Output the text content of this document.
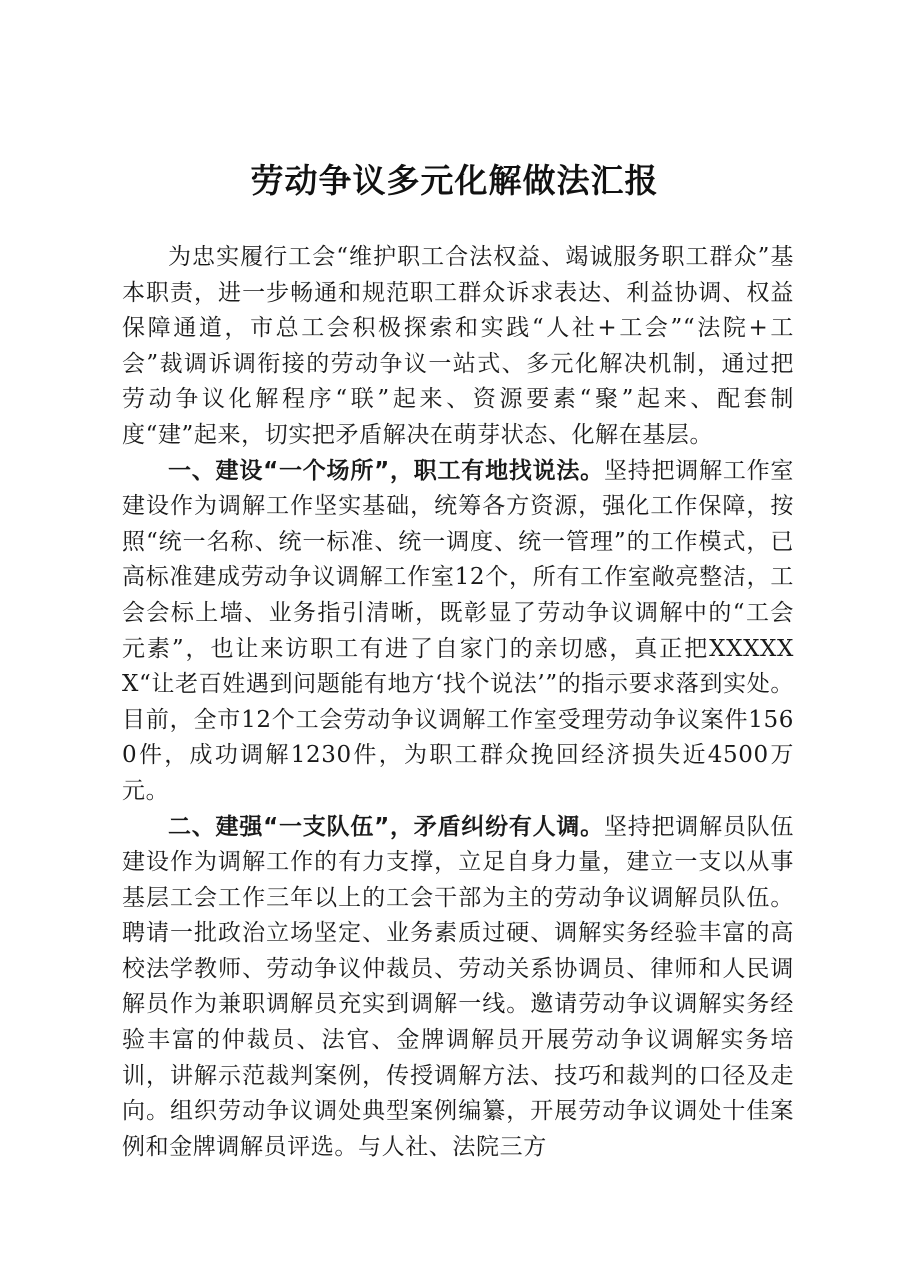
劳动争议多元化解做法汇报

为忠实履行工会“维护职工合法权益、竭诚服务职工群众”基本职责，进一步畅通和规范职工群众诉求表达、利益协调、权益保障通道，市总工会积极探索和实践“人社+工会”“法院+工会”裁调诉调衔接的劳动争议一站式、多元化解决机制，通过把劳动争议化解程序“联”起来、资源要素“聚”起来、配套制度“建”起来，切实把矛盾解决在萌芽状态、化解在基层。

一、建设“一个场所”，职工有地找说法。坚持把调解工作室建设作为调解工作坚实基础，统筹各方资源，强化工作保障，按照“统一名称、统一标准、统一调度、统一管理”的工作模式，已高标准建成劳动争议调解工作室12个，所有工作室敞亮整洁，工会会标上墙、业务指引清晰，既彰显了劳动争议调解中的“工会元素”，也让来访职工有进了自家门的亲切感，真正把XXXXXX“让老百姓遇到问题能有地方‘找个说法’”的指示要求落到实处。目前，全市12个工会劳动争议调解工作室受理劳动争议案件1560件，成功调解1230件，为职工群众挽回经济损失近4500万元。

二、建强“一支队伍”，矛盾纠纷有人调。坚持把调解员队伍建设作为调解工作的有力支撑，立足自身力量，建立一支以从事基层工会工作三年以上的工会干部为主的劳动争议调解员队伍。聘请一批政治立场坚定、业务素质过硬、调解实务经验丰富的高校法学教师、劳动争议仲裁员、劳动关系协调员、律师和人民调解员作为兼职调解员充实到调解一线。邀请劳动争议调解实务经验丰富的仲裁员、法官、金牌调解员开展劳动争议调解实务培训，讲解示范裁判案例，传授调解方法、技巧和裁判的口径及走向。组织劳动争议调处典型案例编纂，开展劳动争议调处十佳案例和金牌调解员评选。与人社、法院三方
